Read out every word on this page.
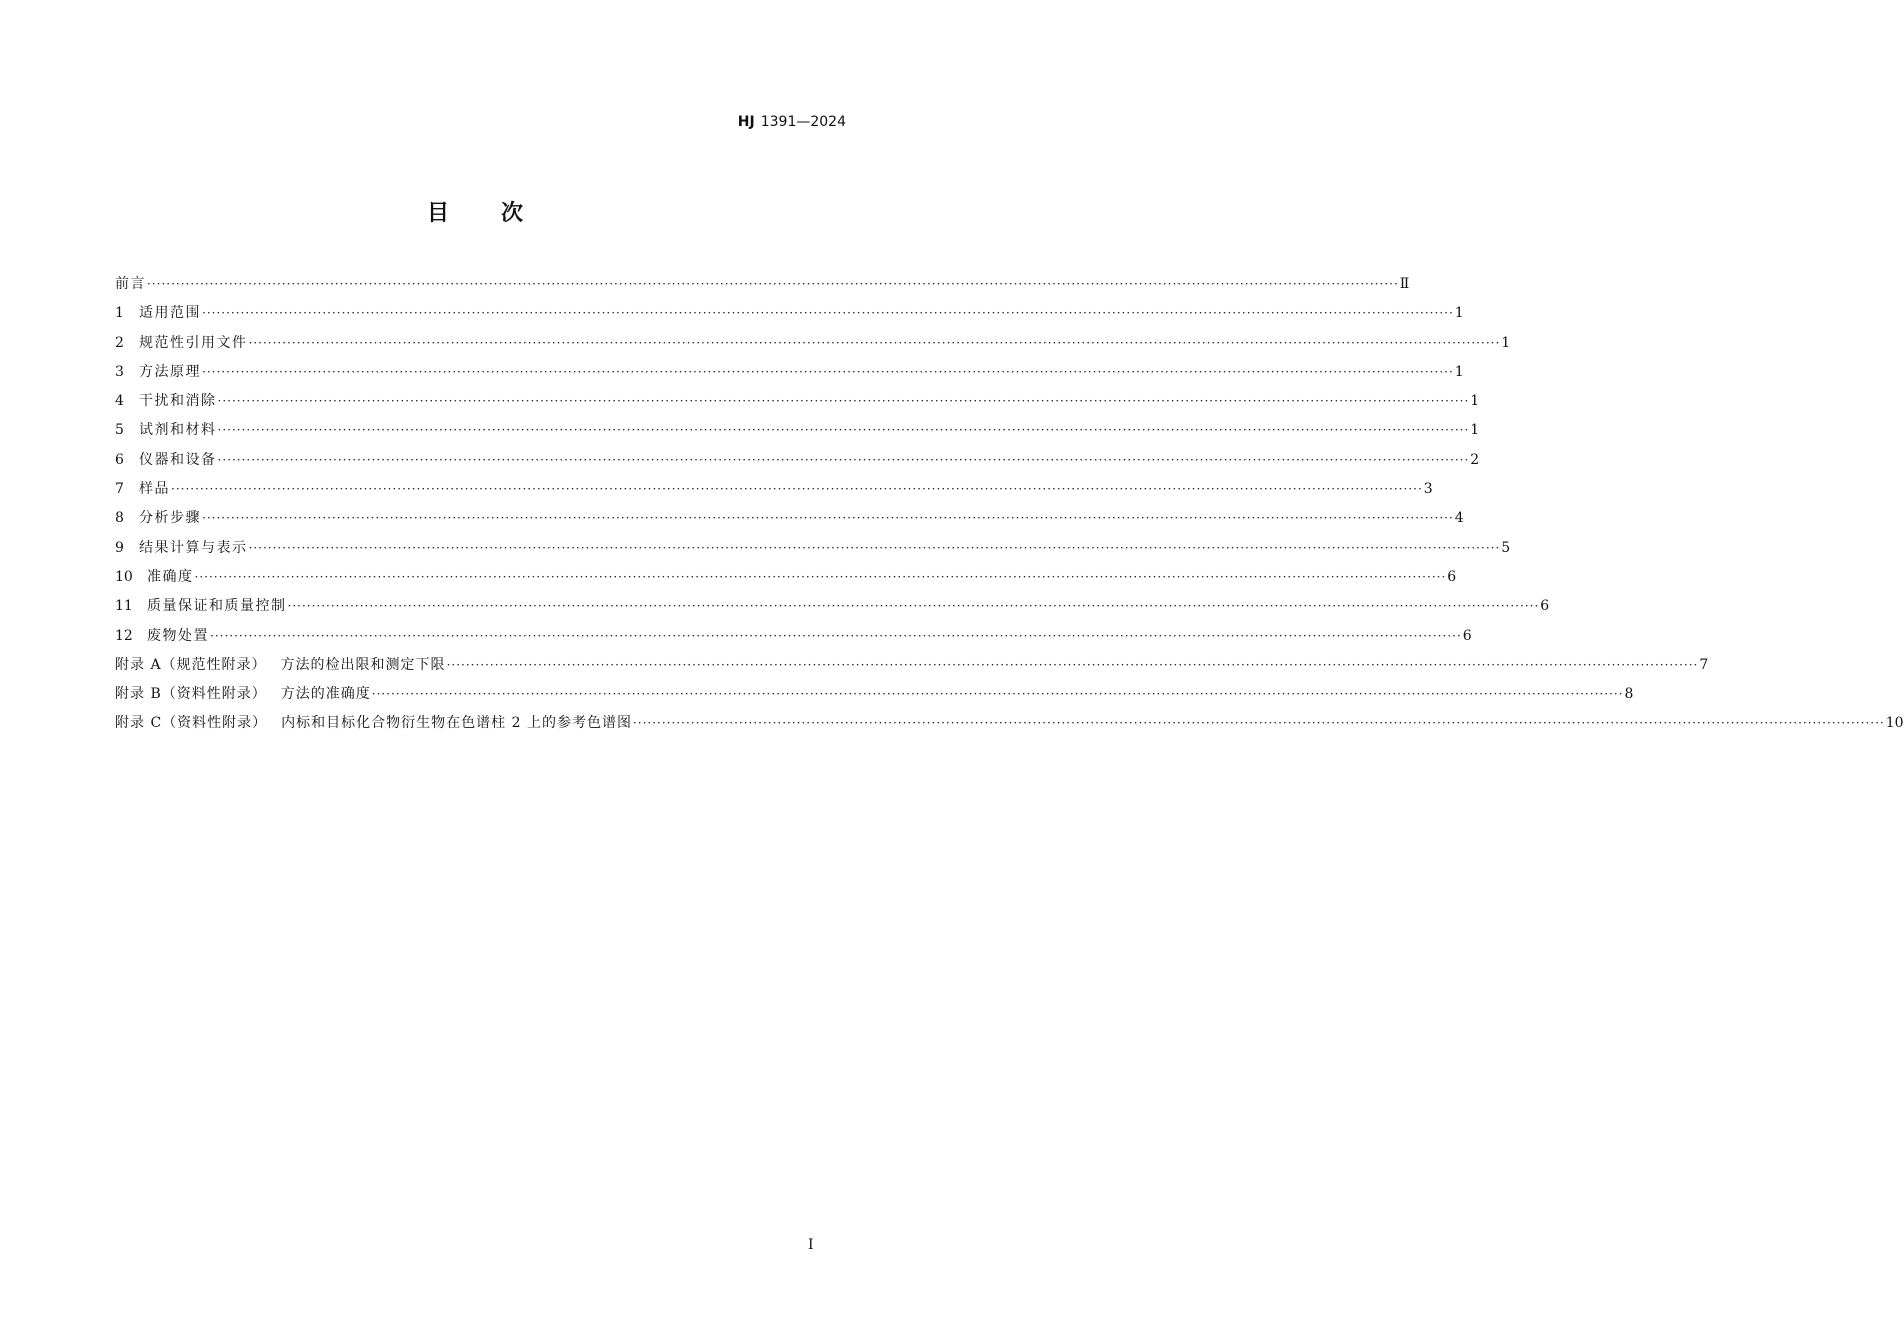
HJ 1391—2024
目 次
前言 ···································································································································································································································································· Ⅱ
1	适用范围 ···································································································································································································································································· 1
2	规范性引用文件 ···································································································································································································································································· 1
3	方法原理 ···································································································································································································································································· 1
4	干扰和消除 ···································································································································································································································································· 1
5	试剂和材料 ···································································································································································································································································· 1
6	仪器和设备 ···································································································································································································································································· 2
7	样品 ···································································································································································································································································· 3
8	分析步骤 ···································································································································································································································································· 4
9	结果计算与表示 ···································································································································································································································································· 5
10	准确度 ···································································································································································································································································· 6
11	质量保证和质量控制 ···································································································································································································································································· 6
12	废物处置 ···································································································································································································································································· 6
附录 A（规范性附录） 方法的检出限和测定下限 ···································································································································································································································································· 7
附录 B（资料性附录） 方法的准确度 ···································································································································································································································································· 8
附录 C（资料性附录） 内标和目标化合物衍生物在色谱柱 2 上的参考色谱图 ···································································································································································································································································· 10
I
